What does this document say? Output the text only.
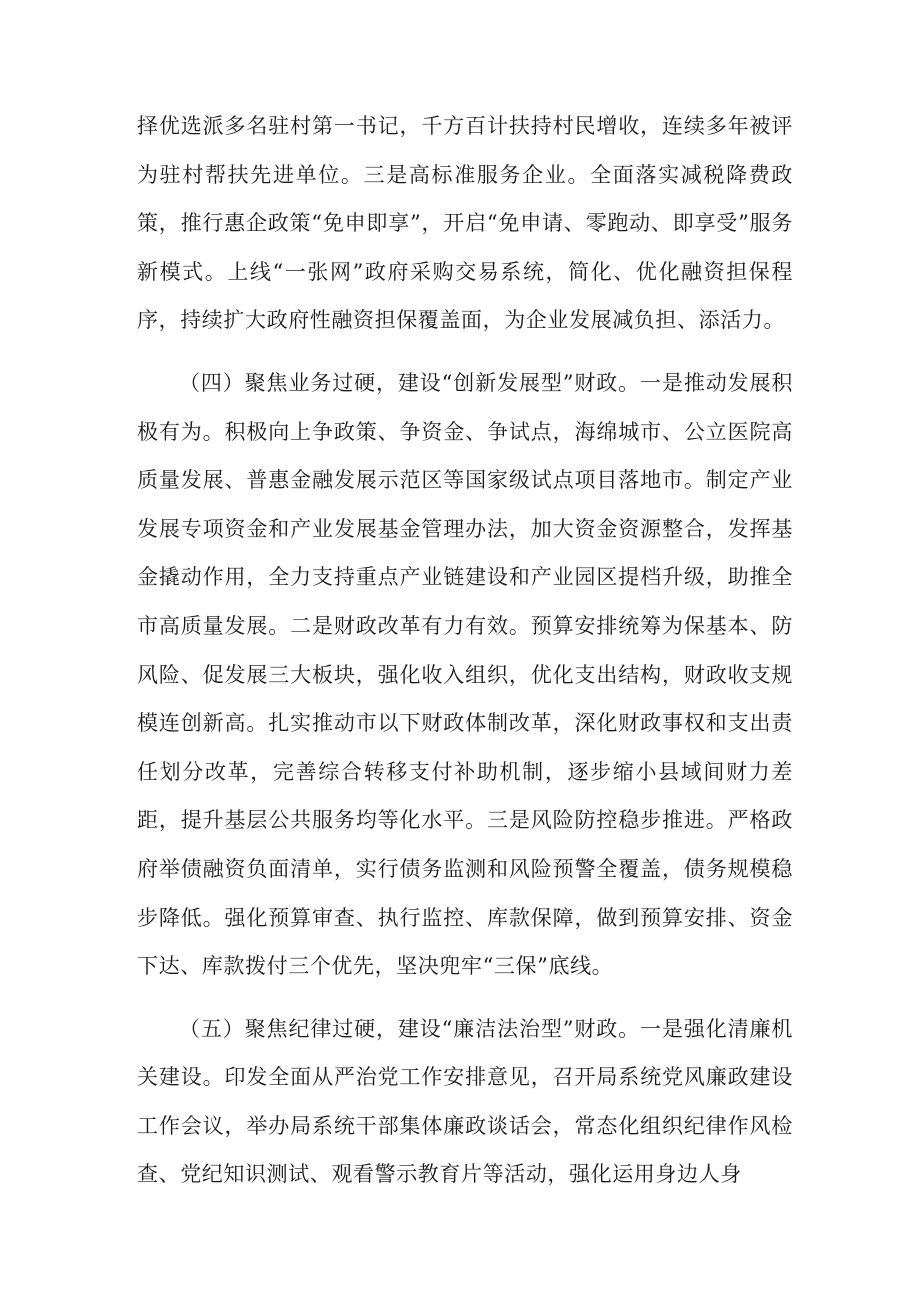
择优选派多名驻村第一书记，千方百计扶持村民增收，连续多年被评为驻村帮扶先进单位。三是高标准服务企业。全面落实减税降费政策，推行惠企政策“免申即享”，开启“免申请、零跑动、即享受”服务新模式。上线“一张网”政府采购交易系统，简化、优化融资担保程序，持续扩大政府性融资担保覆盖面，为企业发展减负担、添活力。

（四）聚焦业务过硬，建设“创新发展型”财政。一是推动发展积极有为。积极向上争政策、争资金、争试点，海绵城市、公立医院高质量发展、普惠金融发展示范区等国家级试点项目落地市。制定产业发展专项资金和产业发展基金管理办法，加大资金资源整合，发挥基金撬动作用，全力支持重点产业链建设和产业园区提档升级，助推全市高质量发展。二是财政改革有力有效。预算安排统筹为保基本、防风险、促发展三大板块，强化收入组织，优化支出结构，财政收支规模连创新高。扎实推动市以下财政体制改革，深化财政事权和支出责任划分改革，完善综合转移支付补助机制，逐步缩小县域间财力差距，提升基层公共服务均等化水平。三是风险防控稳步推进。严格政府举债融资负面清单，实行债务监测和风险预警全覆盖，债务规模稳步降低。强化预算审查、执行监控、库款保障，做到预算安排、资金下达、库款拨付三个优先，坚决兜牢“三保”底线。

（五）聚焦纪律过硬，建设“廉洁法治型”财政。一是强化清廉机关建设。印发全面从严治党工作安排意见，召开局系统党风廉政建设工作会议，举办局系统干部集体廉政谈话会，常态化组织纪律作风检查、党纪知识测试、观看警示教育片等活动，强化运用身边人身
